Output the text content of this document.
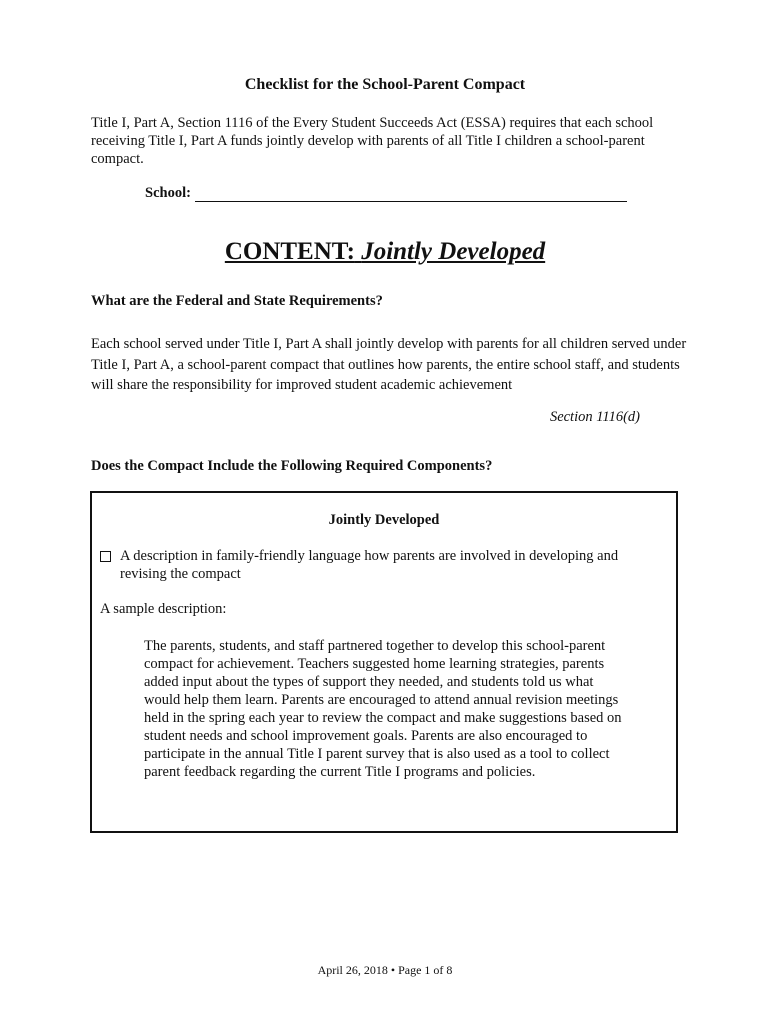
Checklist for the School-Parent Compact
Title I, Part A, Section 1116 of the Every Student Succeeds Act (ESSA) requires that each school receiving Title I, Part A funds jointly develop with parents of all Title I children a school-parent compact.
School:
CONTENT: Jointly Developed
What are the Federal and State Requirements?
Each school served under Title I, Part A shall jointly develop with parents for all children served under Title I, Part A, a school-parent compact that outlines how parents, the entire school staff, and students will share the responsibility for improved student academic achievement
Section 1116(d)
Does the Compact Include the Following Required Components?
Jointly Developed
A description in family-friendly language how parents are involved in developing and revising the compact
A sample description:
The parents, students, and staff partnered together to develop this school-parent compact for achievement. Teachers suggested home learning strategies, parents added input about the types of support they needed, and students told us what would help them learn. Parents are encouraged to attend annual revision meetings held in the spring each year to review the compact and make suggestions based on student needs and school improvement goals. Parents are also encouraged to participate in the annual Title I parent survey that is also used as a tool to collect parent feedback regarding the current Title I programs and policies.
April 26, 2018 • Page 1 of 8
